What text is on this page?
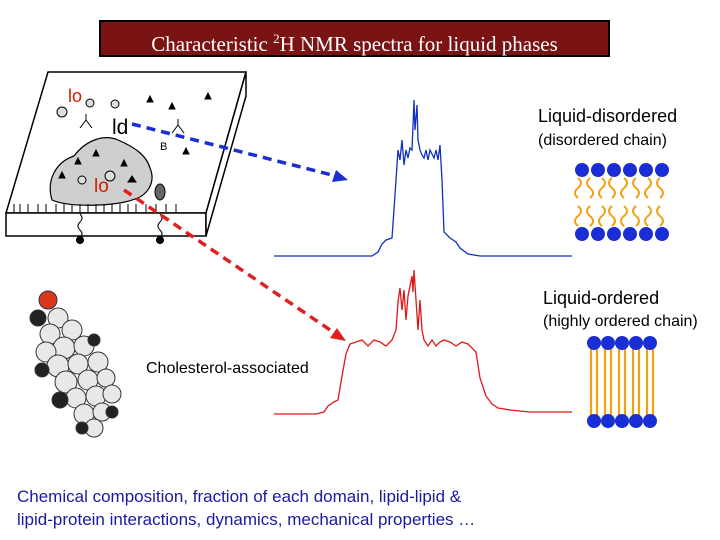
Characteristic $^2$H NMR spectra for liquid phases
lo
ld
B
lo
Liquid-disordered
(disordered chain)
Liquid-ordered
(highly ordered chain)
Cholesterol-associated
Chemical composition, fraction of each domain, lipid-lipid &
lipid-protein interactions, dynamics, mechanical properties …
